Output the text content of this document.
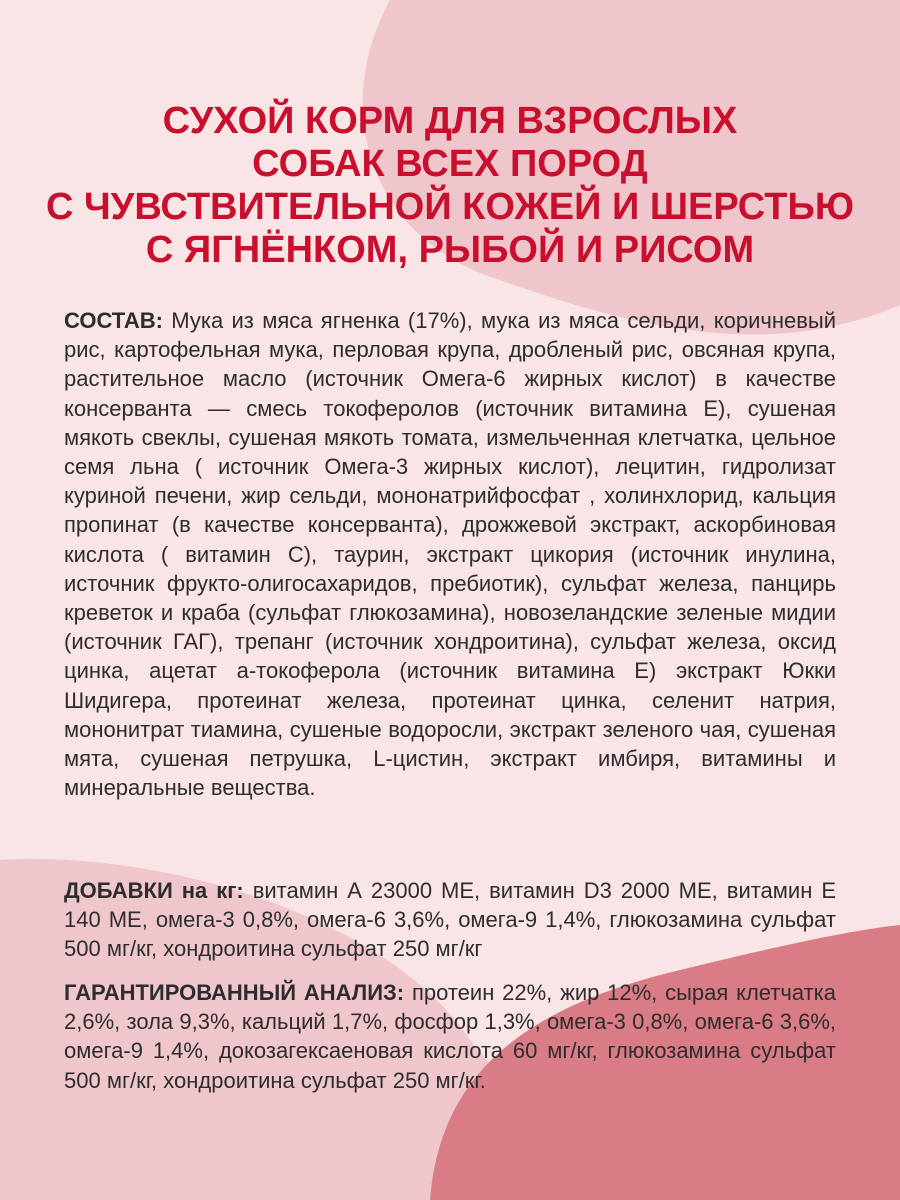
СУХОЙ КОРМ ДЛЯ ВЗРОСЛЫХ
СОБАК ВСЕХ ПОРОД
С ЧУВСТВИТЕЛЬНОЙ КОЖЕЙ И ШЕРСТЬЮ
С ЯГНЁНКОМ, РЫБОЙ И РИСОМ

СОСТАВ: Мука из мяса ягненка (17%), мука из мяса сельди, коричневый рис, картофельная мука, перловая крупа, дробленый рис, овсяная крупа, растительное масло (источник Омега-6 жирных кислот) в качестве консерванта — смесь токоферолов (источник витамина Е), сушеная мякоть свеклы, сушеная мякоть томата, измельченная клетчатка, цельное семя льна ( источник Омега-3 жирных кислот), лецитин, гидролизат куриной печени, жир сельди, мононатрийфосфат , холинхлорид, кальция пропинат (в качестве консерванта), дрожжевой экстракт, аскорбиновая кислота ( витамин С), таурин, экстракт цикория (источник инулина, источник фрукто-олигосахаридов, пребиотик), сульфат железа, панцирь креветок и краба (сульфат глюкозамина), новозеландские зеленые мидии (источник ГАГ), трепанг (источник хондроитина), сульфат железа, оксид цинка, ацетат а-токоферола (источник витамина Е) экстракт Юкки Шидигера, протеинат железа, протеинат цинка, селенит натрия, мононитрат тиамина, сушеные водоросли, экстракт зеленого чая, сушеная мята, сушеная петрушка, L-цистин, экстракт имбиря, витамины и минеральные вещества.

ДОБАВКИ на кг: витамин А 23000 МЕ, витамин D3 2000 МЕ, витамин Е 140 МЕ, омега-3 0,8%, омега-6 3,6%, омега-9 1,4%, глюкозамина сульфат 500 мг/кг, хондроитина сульфат 250 мг/кг

ГАРАНТИРОВАННЫЙ АНАЛИЗ: протеин 22%, жир 12%, сырая клетчатка 2,6%, зола 9,3%, кальций 1,7%, фосфор 1,3%, омега-3 0,8%, омега-6 3,6%, омега-9 1,4%, докозагексаеновая кислота 60 мг/кг, глюкозамина сульфат 500 мг/кг, хондроитина сульфат 250 мг/кг.
